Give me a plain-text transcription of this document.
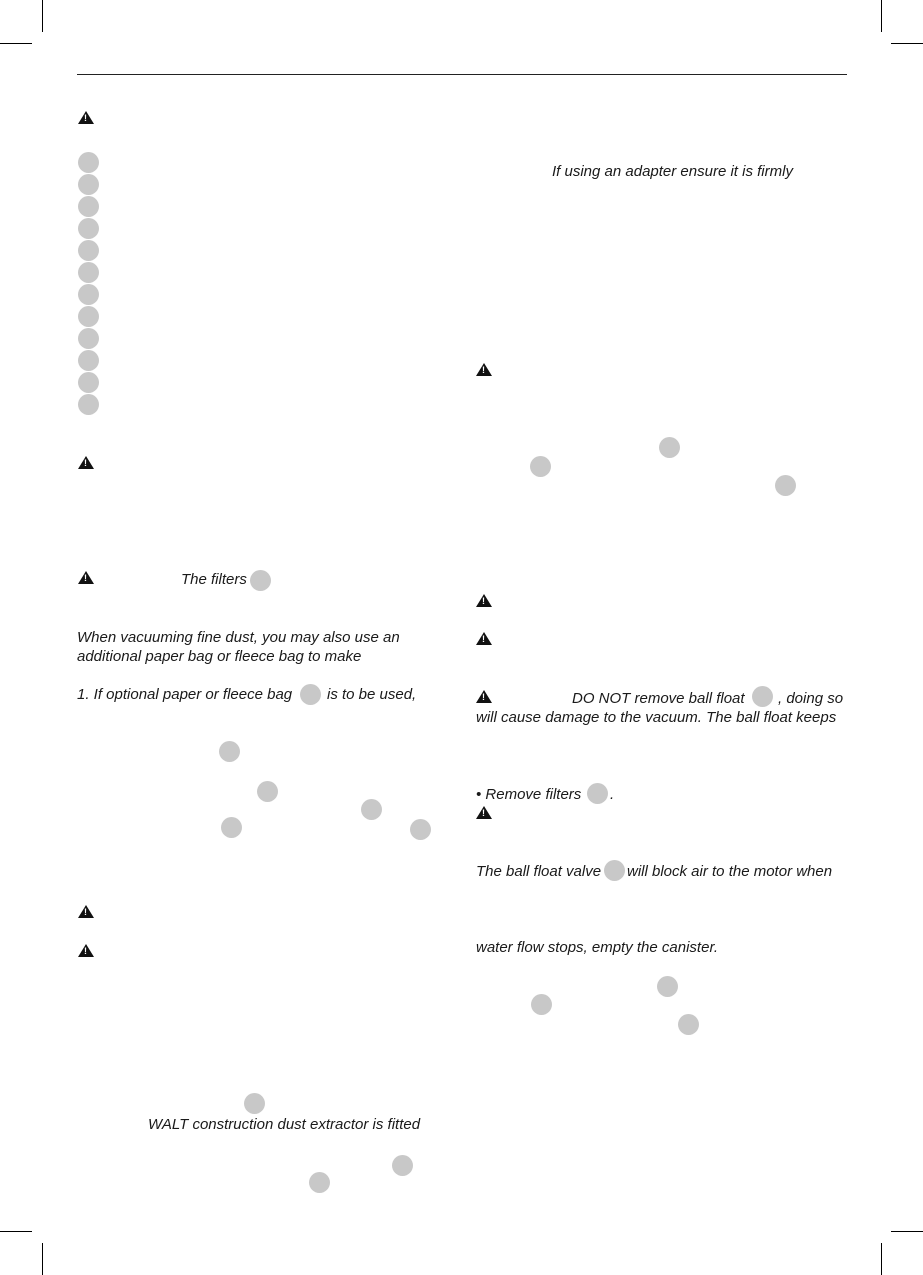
!
!
!
The filters
When vacuuming fine dust, you may also use an
additional paper bag or fleece bag to make
1. If optional paper or fleece bag is to be used,
!
!
WALT construction dust extractor is fitted
If using an adapter ensure it is firmly
!
!
!
!
DO NOT remove ball float , doing so
will cause damage to the vacuum. The ball float keeps
• Remove filters .
!
The ball float valve will block air to the motor when
water flow stops, empty the canister.
